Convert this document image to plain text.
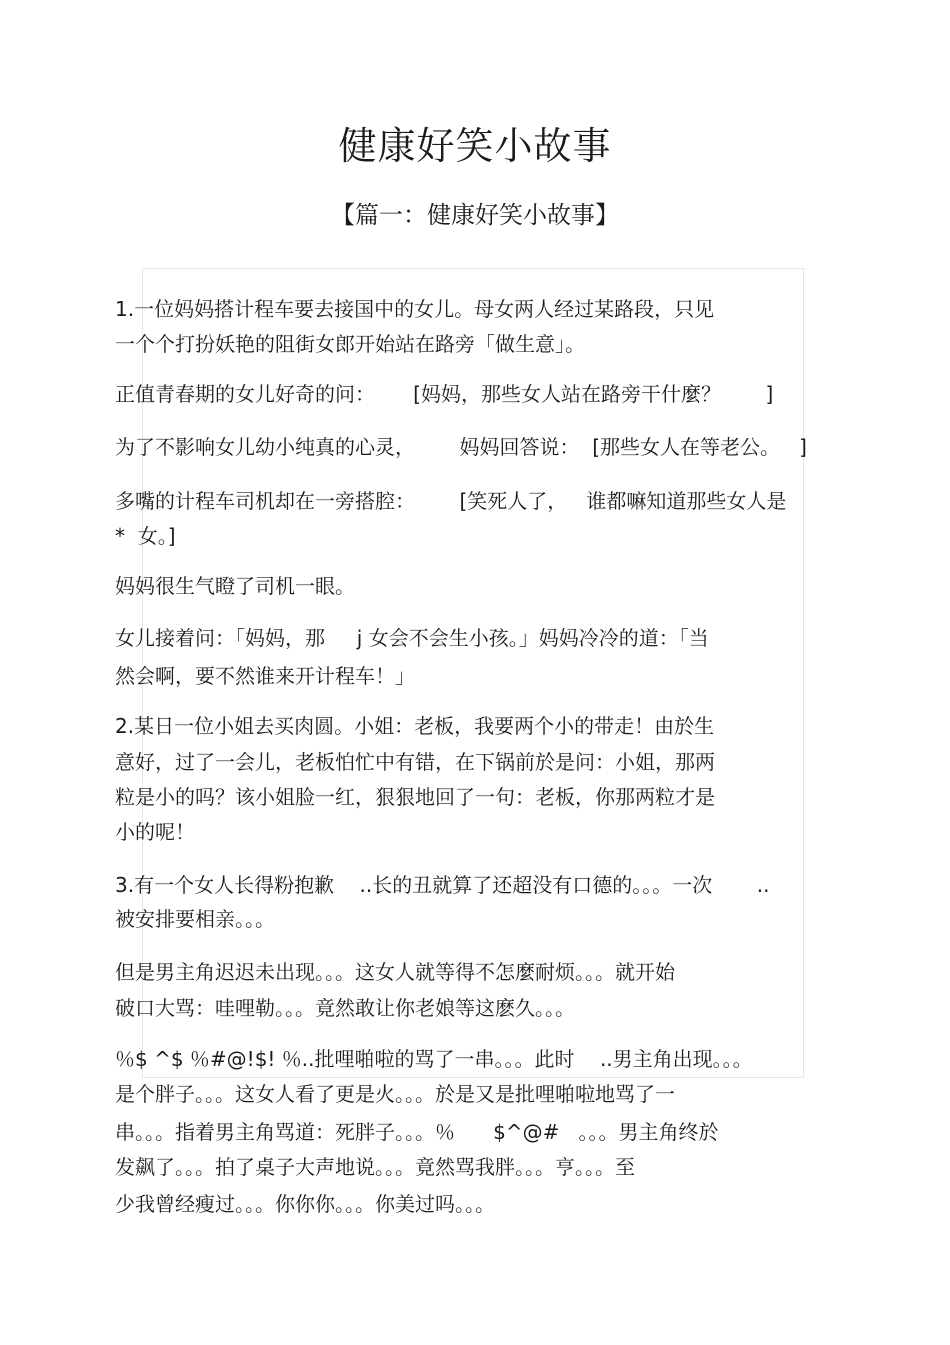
健康好笑小故事
【篇一：健康好笑小故事】
1.一位妈妈搭计程车要去接国中的女儿。母女两人经过某路段，只见
一个个打扮妖艳的阻街女郎开始站在路旁「做生意」。
正值青春期的女儿好奇的问：      [妈妈，那些女人站在路旁干什麼？       ]
为了不影响女儿幼小纯真的心灵，       妈妈回答说：  [那些女人在等老公。   ]
多嘴的计程车司机却在一旁搭腔：       [笑死人了，   谁都嘛知道那些女人是
*  女。]
妈妈很生气瞪了司机一眼。
女儿接着问：「妈妈，那     j 女会不会生小孩。」妈妈冷冷的道：「当
然会啊，要不然谁来开计程车！」
2.某日一位小姐去买肉圆。小姐：老板，我要两个小的带走！由於生
意好，过了一会儿，老板怕忙中有错，在下锅前於是问：小姐，那两
粒是小的吗？该小姐脸一红，狠狠地回了一句：老板，你那两粒才是
小的呢！
3.有一个女人长得粉抱歉    ..长的丑就算了还超没有口德的。。。一次       ..
被安排要相亲。。。
但是男主角迟迟未出现。。。这女人就等得不怎麼耐烦。。。就开始
破口大骂：哇哩勒。。。竟然敢让你老娘等这麽久。。。
％$ ^$ ％#@!$! ％..批哩啪啦的骂了一串。。。此时    ..男主角出现。。。
是个胖子。。。这女人看了更是火。。。於是又是批哩啪啦地骂了一
串。。。指着男主角骂道：死胖子。。。％      $^@#   。。。男主角终於
发飙了。。。拍了桌子大声地说。。。竟然骂我胖。。。亨。。。至
少我曾经瘦过。。。你你你。。。你美过吗。。。
